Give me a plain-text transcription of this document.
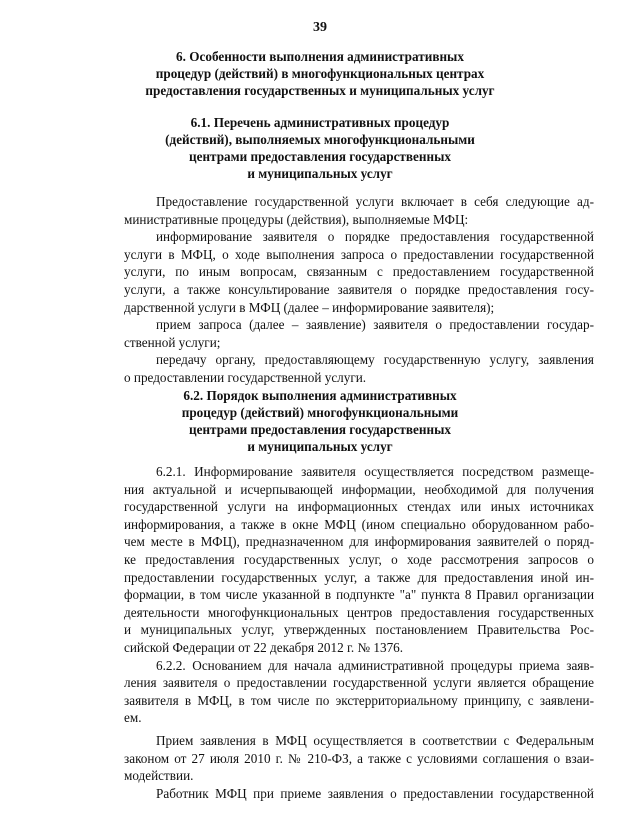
39
6. Особенности выполнения административных
процедур (действий) в многофункциональных центрах
предоставления государственных и муниципальных услуг
6.1. Перечень административных процедур
(действий), выполняемых многофункциональными
центрами предоставления государственных
и муниципальных услуг
Предоставление государственной услуги включает в себя следующие ад-
министративные процедуры (действия), выполняемые МФЦ:
информирование заявителя о порядке предоставления государственной
услуги в МФЦ, о ходе выполнения запроса о предоставлении государственной
услуги, по иным вопросам, связанным с предоставлением государственной
услуги, а также консультирование заявителя о порядке предоставления госу-
дарственной услуги в МФЦ (далее – информирование заявителя);
прием запроса (далее – заявление) заявителя о предоставлении государ-
ственной услуги;
передачу органу, предоставляющему государственную услугу, заявления
о предоставлении государственной услуги.
6.2. Порядок выполнения административных
процедур (действий) многофункциональными
центрами предоставления государственных
и муниципальных услуг
6.2.1. Информирование заявителя осуществляется посредством размеще-
ния актуальной и исчерпывающей информации, необходимой для получения
государственной услуги на информационных стендах или иных источниках
информирования, а также в окне МФЦ (ином специально оборудованном рабо-
чем месте в МФЦ), предназначенном для информирования заявителей о поряд-
ке предоставления государственных услуг, о ходе рассмотрения запросов о
предоставлении государственных услуг, а также для предоставления иной ин-
формации, в том числе указанной в подпункте "а" пункта 8 Правил организации
деятельности многофункциональных центров предоставления государственных
и муниципальных услуг, утвержденных постановлением Правительства Рос-
сийской Федерации от 22 декабря 2012 г. № 1376.
6.2.2. Основанием для начала административной процедуры приема заяв-
ления заявителя о предоставлении государственной услуги является обращение
заявителя в МФЦ, в том числе по экстерриториальному принципу, с заявлени-
ем.
Прием заявления в МФЦ осуществляется в соответствии с Федеральным
законом от 27 июля 2010 г. № 210-ФЗ, а также с условиями соглашения о взаи-
модействии.
Работник МФЦ при приеме заявления о предоставлении государственной
